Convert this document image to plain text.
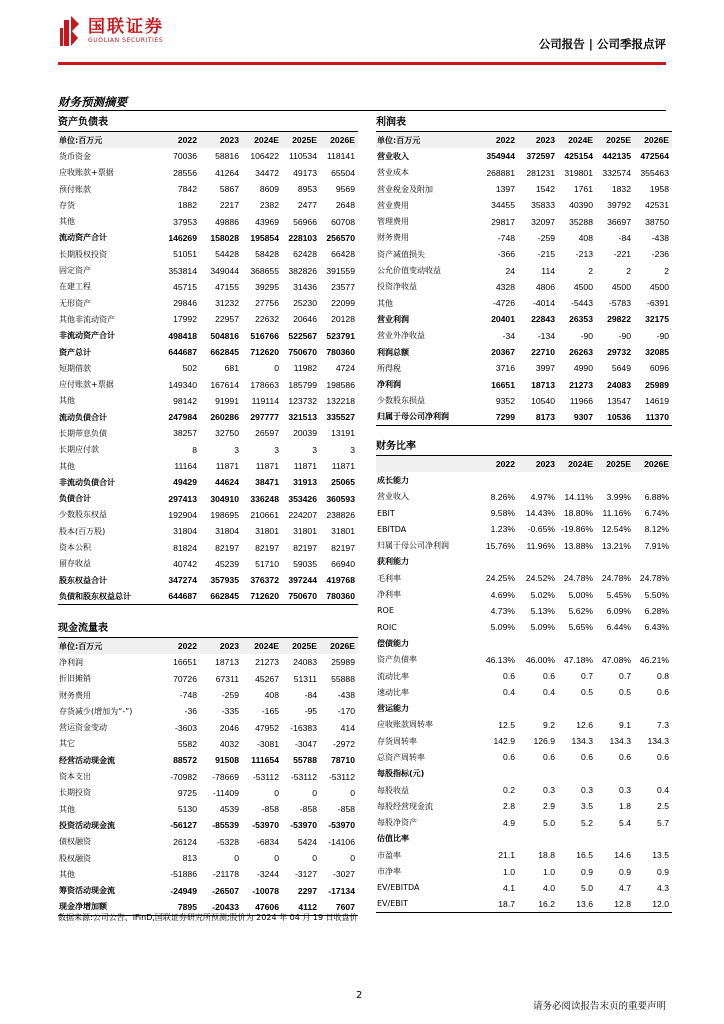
国联证券
GUOLIAN SECURITIES	公司报告 | 公司季报点评
财务预测摘要
资产负债表
单位:百万元	2022	2023	2024E	2025E	2026E
货币资金	70036	58816	106422	110534	118141
应收账款+票据	28556	41264	34472	49173	65504
预付账款	7842	5867	8609	8953	9569
存货	1882	2217	2382	2477	2648
其他	37953	49886	43969	56966	60708
流动资产合计	146269	158028	195854	228103	256570
长期股权投资	51051	54428	58428	62428	66428
固定资产	353814	349044	368655	382826	391559
在建工程	45715	47155	39295	31436	23577
无形资产	29846	31232	27756	25230	22099
其他非流动资产	17992	22957	22632	20646	20128
非流动资产合计	498418	504816	516766	522567	523791
资产总计	644687	662845	712620	750670	780360
短期借款	502	681	0	11982	4724
应付账款+票据	149340	167614	178663	185799	198586
其他	98142	91991	119114	123732	132218
流动负债合计	247984	260286	297777	321513	335527
长期带息负债	38257	32750	26597	20039	13191
长期应付款	8	3	3	3	3
其他	11164	11871	11871	11871	11871
非流动负债合计	49429	44624	38471	31913	25065
负债合计	297413	304910	336248	353426	360593
少数股东权益	192904	198695	210661	224207	238826
股本(百万股)	31804	31804	31801	31801	31801
资本公积	81824	82197	82197	82197	82197
留存收益	40742	45239	51710	59035	66940
股东权益合计	347274	357935	376372	397244	419768
负债和股东权益总计	644687	662845	712620	750670	780360
现金流量表
单位:百万元	2022	2023	2024E	2025E	2026E
净利润	16651	18713	21273	24083	25989
折旧摊销	70726	67311	45267	51311	55888
财务费用	-748	-259	408	-84	-438
存货减少(增加为“-”)	-36	-335	-165	-95	-170
营运资金变动	-3603	2046	47952	-16383	414
其它	5582	4032	-3081	-3047	-2972
经营活动现金流	88572	91508	111654	55788	78710
资本支出	-70982	-78669	-53112	-53112	-53112
长期投资	9725	-11409	0	0	0
其他	5130	4539	-858	-858	-858
投资活动现金流	-56127	-85539	-53970	-53970	-53970
债权融资	26124	-5328	-6834	5424	-14106
股权融资	813	0	0	0	0
其他	-51886	-21178	-3244	-3127	-3027
筹资活动现金流	-24949	-26507	-10078	2297	-17134
现金净增加额	7895	-20433	47606	4112	7607
利润表
单位:百万元	2022	2023	2024E	2025E	2026E
营业收入	354944	372597	425154	442135	472564
营业成本	268881	281231	319801	332574	355463
营业税金及附加	1397	1542	1761	1832	1958
营业费用	34455	35833	40390	39792	42531
管理费用	29817	32097	35288	36697	38750
财务费用	-748	-259	408	-84	-438
资产减值损失	-366	-215	-213	-221	-236
公允价值变动收益	24	114	2	2	2
投资净收益	4328	4806	4500	4500	4500
其他	-4726	-4014	-5443	-5783	-6391
营业利润	20401	22843	26353	29822	32175
营业外净收益	-34	-134	-90	-90	-90
利润总额	20367	22710	26263	29732	32085
所得税	3716	3997	4990	5649	6096
净利润	16651	18713	21273	24083	25989
少数股东损益	9352	10540	11966	13547	14619
归属于母公司净利润	7299	8173	9307	10536	11370
财务比率
	2022	2023	2024E	2025E	2026E
成长能力					
营业收入	8.26%	4.97%	14.11%	3.99%	6.88%
EBIT	9.58%	14.43%	18.80%	11.16%	6.74%
EBITDA	1.23%	-0.65%	-19.86%	12.54%	8.12%
归属于母公司净利润	15.76%	11.96%	13.88%	13.21%	7.91%
获利能力					
毛利率	24.25%	24.52%	24.78%	24.78%	24.78%
净利率	4.69%	5.02%	5.00%	5.45%	5.50%
ROE	4.73%	5.13%	5.62%	6.09%	6.28%
ROIC	5.09%	5.09%	5.65%	6.44%	6.43%
偿债能力					
资产负债率	46.13%	46.00%	47.18%	47.08%	46.21%
流动比率	0.6	0.6	0.7	0.7	0.8
速动比率	0.4	0.4	0.5	0.5	0.6
营运能力					
应收账款周转率	12.5	9.2	12.6	9.1	7.3
存货周转率	142.9	126.9	134.3	134.3	134.3
总资产周转率	0.6	0.6	0.6	0.6	0.6
每股指标(元)					
每股收益	0.2	0.3	0.3	0.3	0.4
每股经营现金流	2.8	2.9	3.5	1.8	2.5
每股净资产	4.9	5.0	5.2	5.4	5.7
估值比率					
市盈率	21.1	18.8	16.5	14.6	13.5
市净率	1.0	1.0	0.9	0.9	0.9
EV/EBITDA	4.1	4.0	5.0	4.7	4.3
EV/EBIT	18.7	16.2	13.6	12.8	12.0
数据来源:公司公告、iFinD,国联证券研究所预测;股价为 2024 年 04 月 19 日收盘价
2
请务必阅读报告末页的重要声明
